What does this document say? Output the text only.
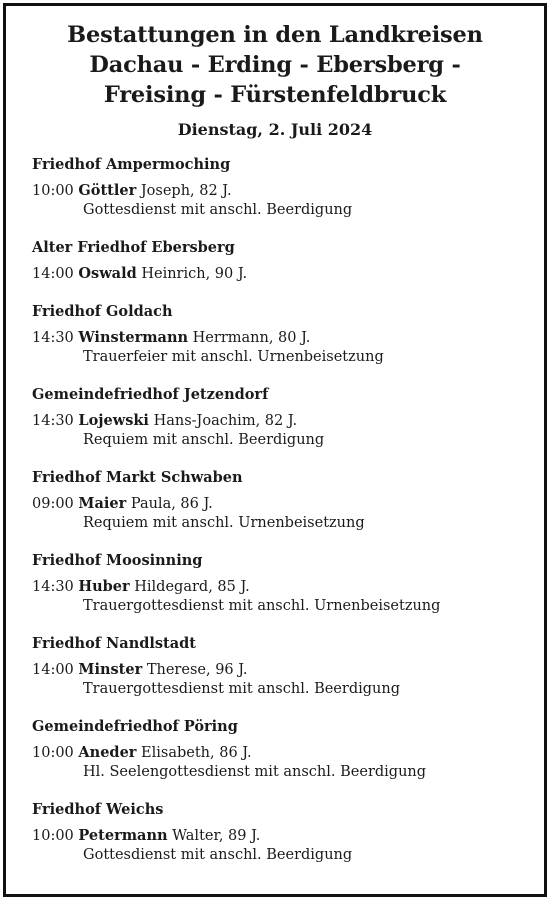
Bestattungen in den Landkreisen
Dachau - Erding - Ebersberg -
Freising - Fürstenfeldbruck
Dienstag, 2. Juli 2024
Friedhof Ampermoching
10:00 Göttler Joseph, 82 J.
Gottesdienst mit anschl. Beerdigung
Alter Friedhof Ebersberg
14:00 Oswald Heinrich, 90 J.
Friedhof Goldach
14:30 Winstermann Herrmann, 80 J.
Trauerfeier mit anschl. Urnenbeisetzung
Gemeindefriedhof Jetzendorf
14:30 Lojewski Hans-Joachim, 82 J.
Requiem mit anschl. Beerdigung
Friedhof Markt Schwaben
09:00 Maier Paula, 86 J.
Requiem mit anschl. Urnenbeisetzung
Friedhof Moosinning
14:30 Huber Hildegard, 85 J.
Trauergottesdienst mit anschl. Urnenbeisetzung
Friedhof Nandlstadt
14:00 Minster Therese, 96 J.
Trauergottesdienst mit anschl. Beerdigung
Gemeindefriedhof Pöring
10:00 Aneder Elisabeth, 86 J.
Hl. Seelengottesdienst mit anschl. Beerdigung
Friedhof Weichs
10:00 Petermann Walter, 89 J.
Gottesdienst mit anschl. Beerdigung
